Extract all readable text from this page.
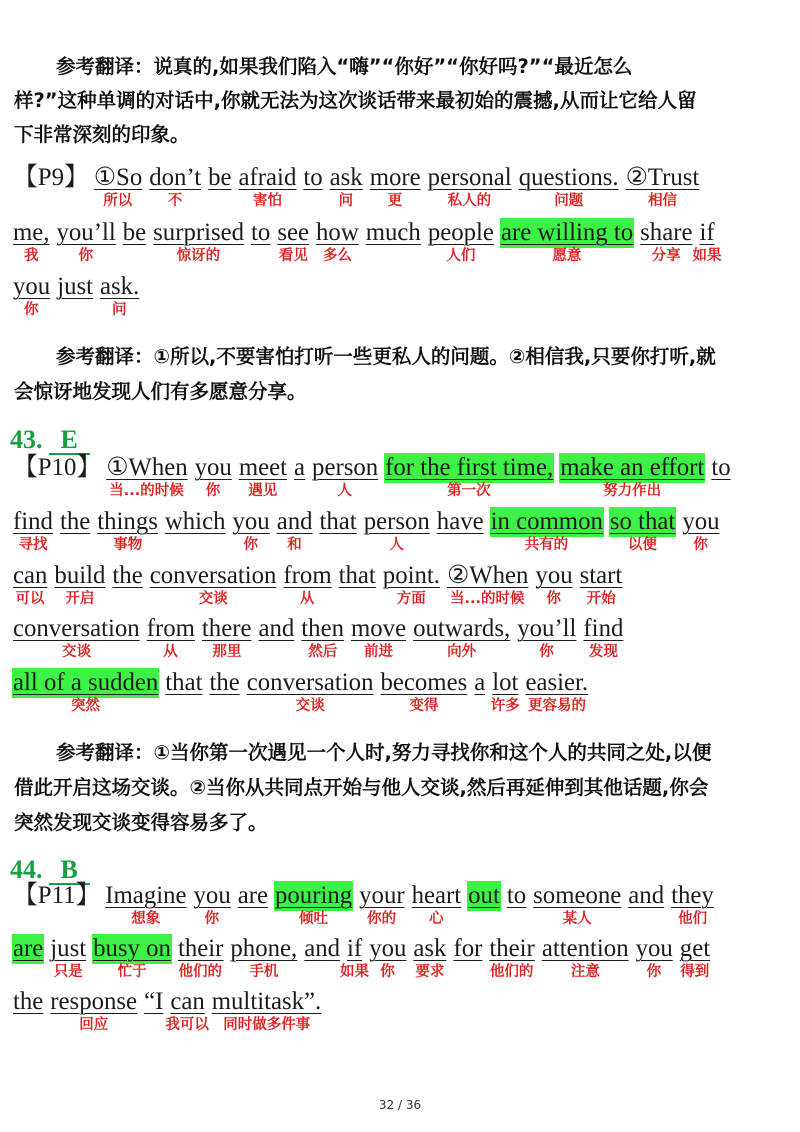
参考翻译：说真的,如果我们陷入“嗨”“你好”“你好吗?”“最近怎么
样?”这种单调的对话中,你就无法为这次谈话带来最初始的震撼,从而让它给人留
下非常深刻的印象。
【P9】 ①So
所以
don’t
不
be afraid
害怕
to ask
问
more
更
personal
私人的
questions.
问题
②Trust
相信
me,
我
you’ll
你
be surprised
惊讶的
to see
看见
how
多么
much people
人们
are willing to
愿意
share
分享
if
如果
you
你
just ask.
问
参考翻译：①所以,不要害怕打听一些更私人的问题。②相信我,只要你打听,就
会惊讶地发现人们有多愿意分享。
43. E
【P10】 ①When
当...的时候
you
你
meet
遇见
a person
人
for the first time,
第一次
make an effort
努力作出
to
find
寻找
the things
事物
which you
你
and
和
that person
人
have in common
共有的
so that
以便
you
你
can
可以
build
开启
the conversation
交谈
from
从
that point.
方面
②When
当...的时候
you
你
start
开始
conversation
交谈
from
从
there
那里
and then
然后
move
前进
outwards,
向外
you’ll
你
find
发现
all of a sudden
突然
that the conversation
交谈
becomes
变得
a lot
许多
easier.
更容易的
参考翻译：①当你第一次遇见一个人时,努力寻找你和这个人的共同之处,以便
借此开启这场交谈。②当你从共同点开始与他人交谈,然后再延伸到其他话题,你会
突然发现交谈变得容易多了。
44. B
【P11】 Imagine
想象
you
你
are pouring
倾吐
your
你的
heart
心
out to someone
某人
and they
他们
are just
只是
busy on
忙于
their
他们的
phone,
手机
and if
如果
you
你
ask
要求
for their
他们的
attention
注意
you
你
get
得到
the response
回应
“I can
我可以
multitask”.
同时做多件事
32 / 36
